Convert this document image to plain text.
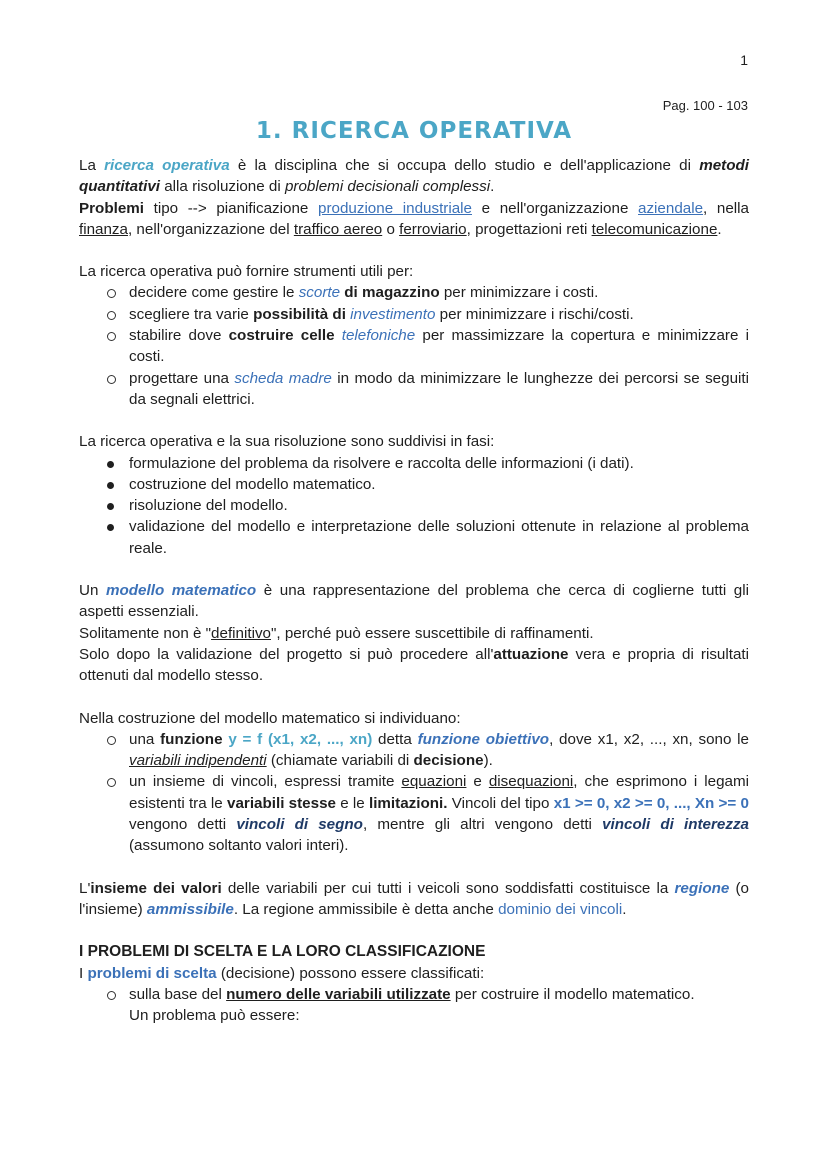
1
Pag. 100 - 103
1. RICERCA OPERATIVA

La ricerca operativa è la disciplina che si occupa dello studio e dell'applicazione di metodi quantitativi alla risoluzione di problemi decisionali complessi.

Problemi tipo --> pianificazione produzione industriale e nell'organizzazione aziendale, nella finanza, nell'organizzazione del traffico aereo o ferroviario, progettazioni reti telecomunicazione.

La ricerca operativa può fornire strumenti utili per:

decidere come gestire le scorte di magazzino per minimizzare i costi.
scegliere tra varie possibilità di investimento per minimizzare i rischi/costi.
stabilire dove costruire celle telefoniche per massimizzare la copertura e minimizzare i costi.
progettare una scheda madre in modo da minimizzare le lunghezze dei percorsi se seguiti da segnali elettrici.

La ricerca operativa e la sua risoluzione sono suddivisi in fasi:

formulazione del problema da risolvere e raccolta delle informazioni (i dati).
costruzione del modello matematico.
risoluzione del modello.
validazione del modello e interpretazione delle soluzioni ottenute in relazione al problema reale.

Un modello matematico è una rappresentazione del problema che cerca di coglierne tutti gli aspetti essenziali.

Solitamente non è "definitivo", perché può essere suscettibile di raffinamenti.

Solo dopo la validazione del progetto si può procedere all'attuazione vera e propria di risultati ottenuti dal modello stesso.

Nella costruzione del modello matematico si individuano:

una funzione y = f (x1, x2, ..., xn) detta funzione obiettivo, dove x1, x2, ..., xn, sono le variabili indipendenti (chiamate variabili di decisione).
un insieme di vincoli, espressi tramite equazioni e disequazioni, che esprimono i legami esistenti tra le variabili stesse e le limitazioni. Vincoli del tipo x1 >= 0, x2 >= 0, ..., Xn >= 0 vengono detti vincoli di segno, mentre gli altri vengono detti vincoli di interezza (assumono soltanto valori interi).

L'insieme dei valori delle variabili per cui tutti i veicoli sono soddisfatti costituisce la regione (o l'insieme) ammissibile. La regione ammissibile è detta anche dominio dei vincoli.

I PROBLEMI DI SCELTA E LA LORO CLASSIFICAZIONE

I problemi di scelta (decisione) possono essere classificati:

sulla base del numero delle variabili utilizzate per costruire il modello matematico.
Un problema può essere:
